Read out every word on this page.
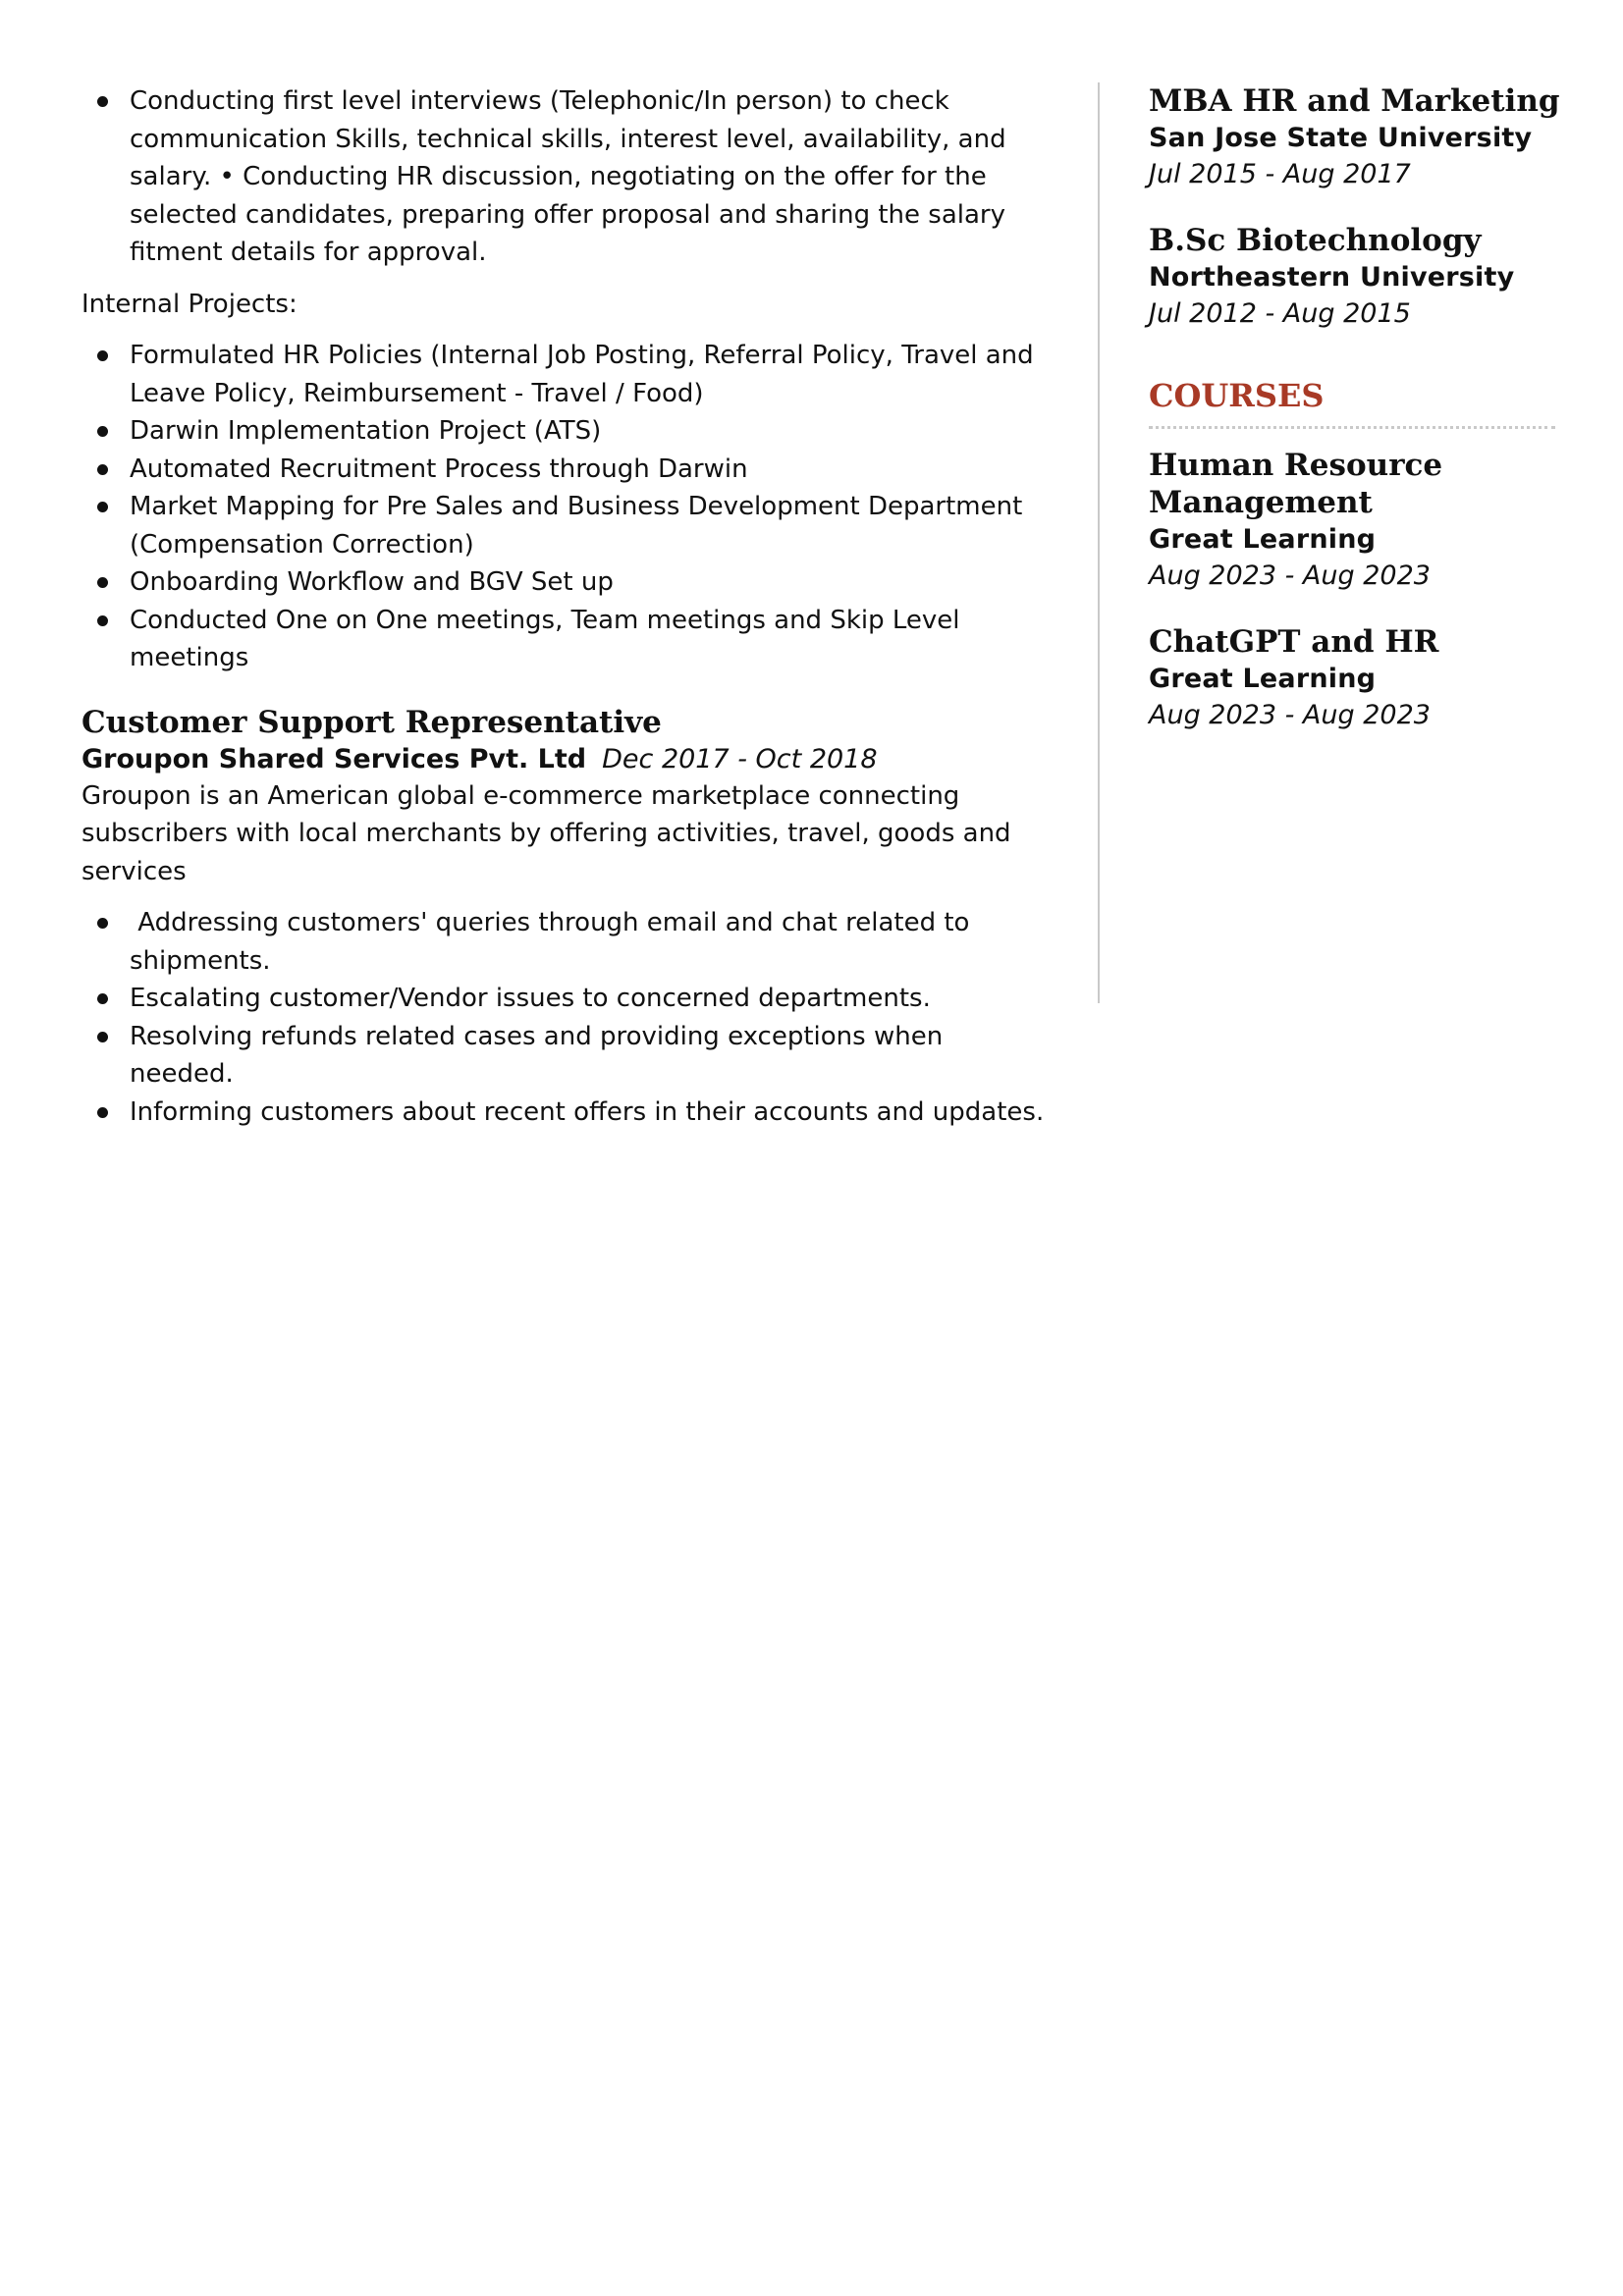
Conducting first level interviews (Telephonic/In person) to check communication Skills, technical skills, interest level, availability, and salary. • Conducting HR discussion, negotiating on the offer for the selected candidates, preparing offer proposal and sharing the salary fitment details for approval.
Internal Projects:
Formulated HR Policies (Internal Job Posting, Referral Policy, Travel and Leave Policy, Reimbursement - Travel / Food)
Darwin Implementation Project (ATS)
Automated Recruitment Process through Darwin
Market Mapping for Pre Sales and Business Development Department (Compensation Correction)
Onboarding Workflow and BGV Set up
Conducted One on One meetings, Team meetings and Skip Level meetings
Customer Support Representative
Groupon Shared Services Pvt. Ltd Dec 2017 - Oct 2018
Groupon is an American global e-commerce marketplace connecting subscribers with local merchants by offering activities, travel, goods and services
Addressing customers' queries through email and chat related to shipments.
Escalating customer/Vendor issues to concerned departments.
Resolving refunds related cases and providing exceptions when needed.
Informing customers about recent offers in their accounts and updates.
MBA HR and Marketing
San Jose State University
Jul 2015 - Aug 2017
B.Sc Biotechnology
Northeastern University
Jul 2012 - Aug 2015
COURSES
Human Resource Management
Great Learning
Aug 2023 - Aug 2023
ChatGPT and HR
Great Learning
Aug 2023 - Aug 2023
